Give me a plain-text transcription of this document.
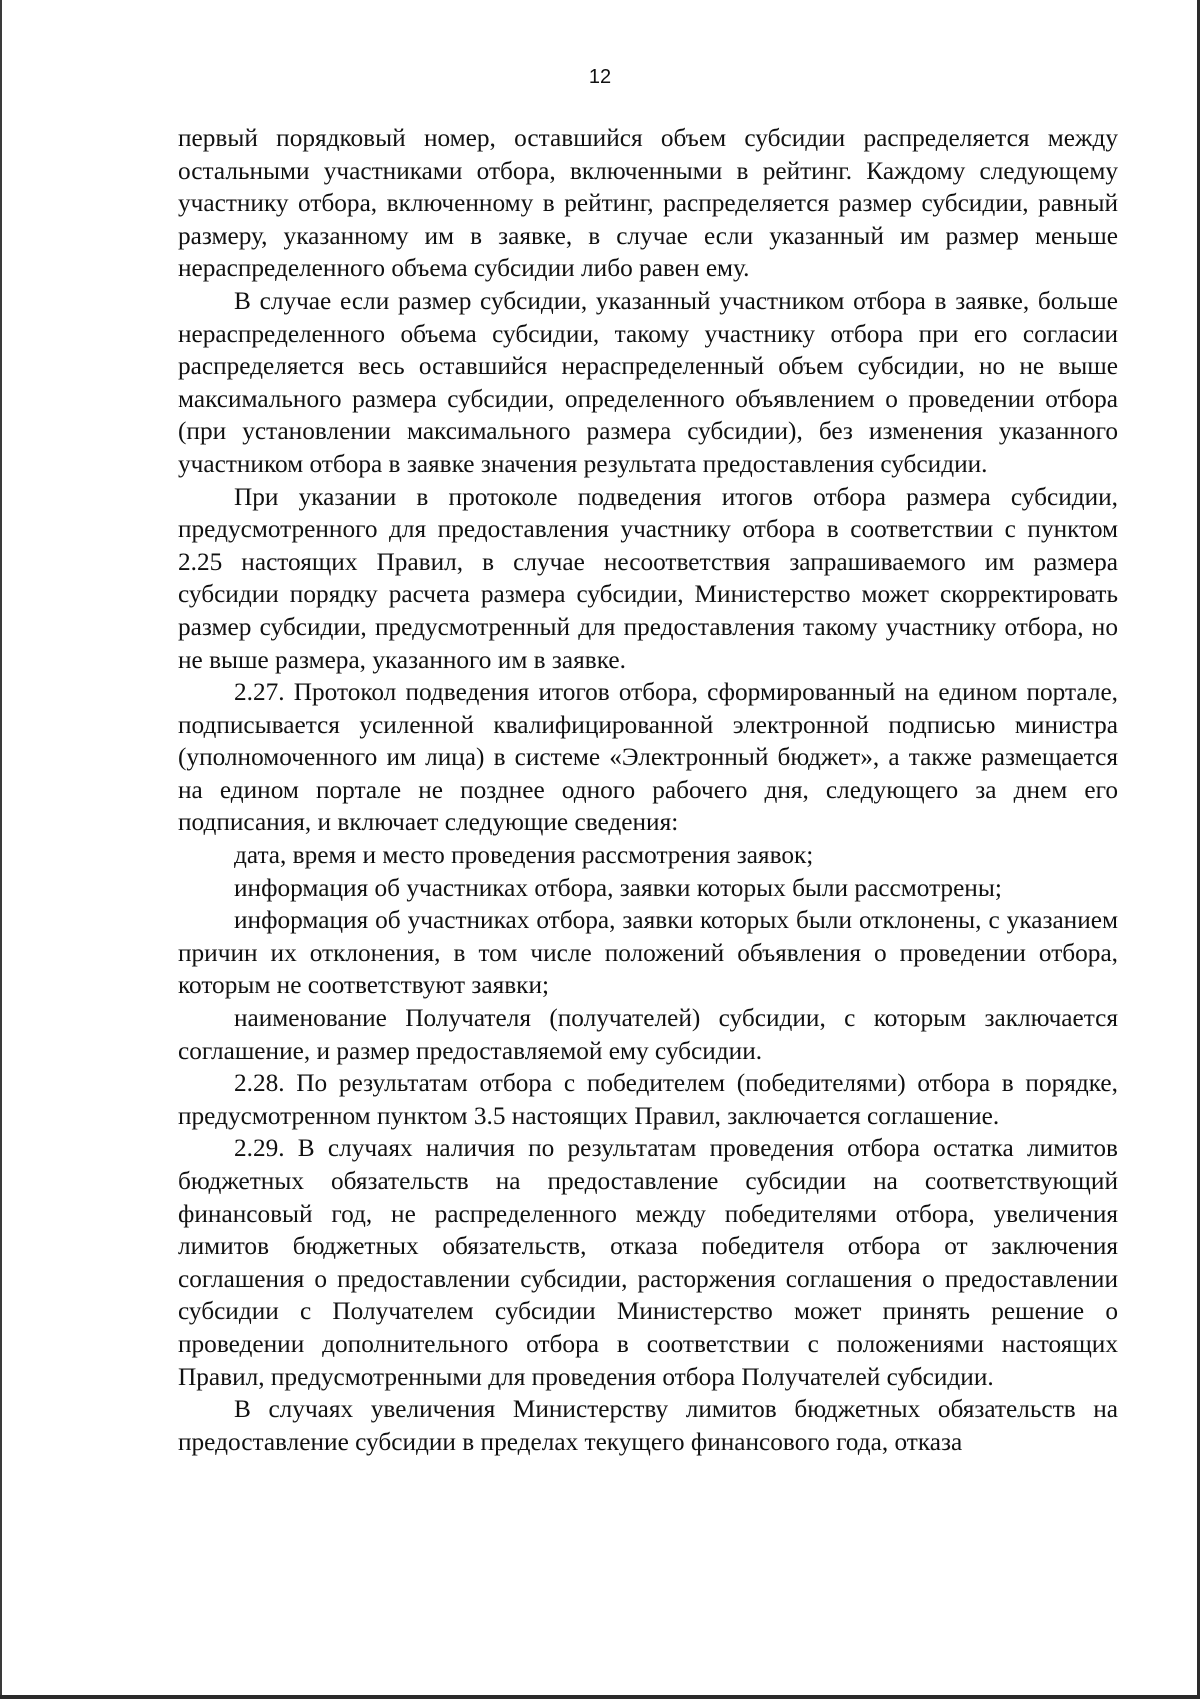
12

первый порядковый номер, оставшийся объем субсидии распределяется между остальными участниками отбора, включенными в рейтинг. Каждому следующему участнику отбора, включенному в рейтинг, распределяется размер субсидии, равный размеру, указанному им в заявке, в случае если указанный им размер меньше нераспределенного объема субсидии либо равен ему.

В случае если размер субсидии, указанный участником отбора в заявке, больше нераспределенного объема субсидии, такому участнику отбора при его согласии распределяется весь оставшийся нераспределенный объем субсидии, но не выше максимального размера субсидии, определенного объявлением о проведении отбора (при установлении максимального размера субсидии), без изменения указанного участником отбора в заявке значения результата предоставления субсидии.

При указании в протоколе подведения итогов отбора размера субсидии, предусмотренного для предоставления участнику отбора в соответствии с пунктом 2.25 настоящих Правил, в случае несоответствия запрашиваемого им размера субсидии порядку расчета размера субсидии, Министерство может скорректировать размер субсидии, предусмотренный для предоставления такому участнику отбора, но не выше размера, указанного им в заявке.

2.27. Протокол подведения итогов отбора, сформированный на едином портале, подписывается усиленной квалифицированной электронной подписью министра (уполномоченного им лица) в системе «Электронный бюджет», а также размещается на едином портале не позднее одного рабочего дня, следующего за днем его подписания, и включает следующие сведения:

дата, время и место проведения рассмотрения заявок;

информация об участниках отбора, заявки которых были рассмотрены;

информация об участниках отбора, заявки которых были отклонены, с указанием причин их отклонения, в том числе положений объявления о проведении отбора, которым не соответствуют заявки;

наименование Получателя (получателей) субсидии, с которым заключается соглашение, и размер предоставляемой ему субсидии.

2.28. По результатам отбора с победителем (победителями) отбора в порядке, предусмотренном пунктом 3.5 настоящих Правил, заключается соглашение.

2.29. В случаях наличия по результатам проведения отбора остатка лимитов бюджетных обязательств на предоставление субсидии на соответствующий финансовый год, не распределенного между победителями отбора, увеличения лимитов бюджетных обязательств, отказа победителя отбора от заключения соглашения о предоставлении субсидии, расторжения соглашения о предоставлении субсидии с Получателем субсидии Министерство может принять решение о проведении дополнительного отбора в соответствии с положениями настоящих Правил, предусмотренными для проведения отбора Получателей субсидии.

В случаях увеличения Министерству лимитов бюджетных обязательств на предоставление субсидии в пределах текущего финансового года, отказа
